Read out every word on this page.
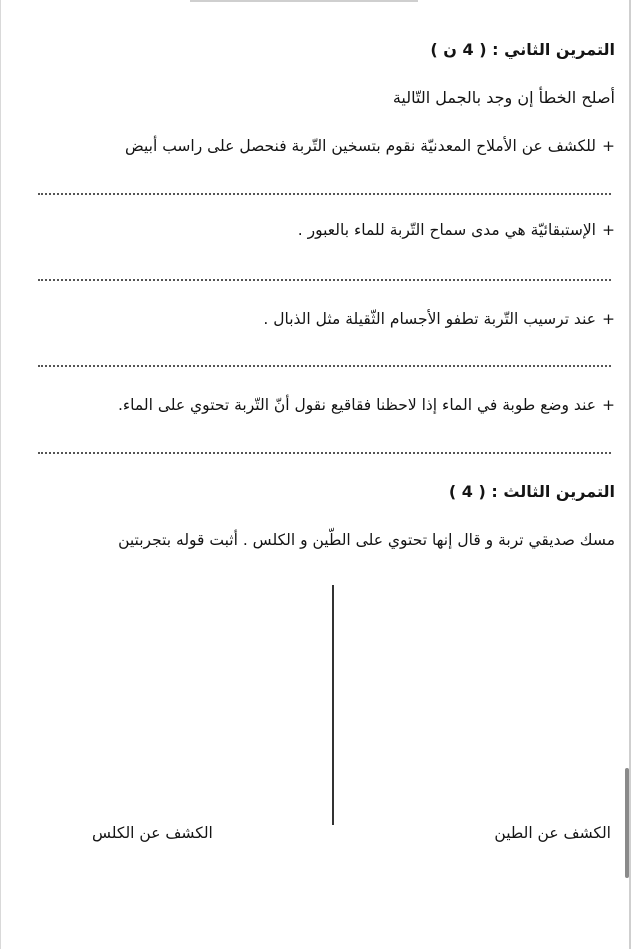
التمرين الثاني : ( 4 ن )
أصلح الخطأ إن وجد بالجمل التّالية
+للكشف عن الأملاح المعدنيّة نقوم بتسخين التّربة فنحصل على راسب أبيض
+الإستبقائيّة هي مدى سماح التّربة للماء بالعبور .
+عند ترسيب التّربة تطفو الأجسام الثّقيلة مثل الذبال .
+عند وضع طوبة في الماء إذا لاحظنا فقاقيع نقول أنّ التّربة تحتوي على الماء.
التمرين الثالث : ( 4 )
مسك صديقي تربة و قال إنها تحتوي على الطّين و الكلس . أثبت قوله بتجربتين
الكشف عن الطين
الكشف عن الكلس
